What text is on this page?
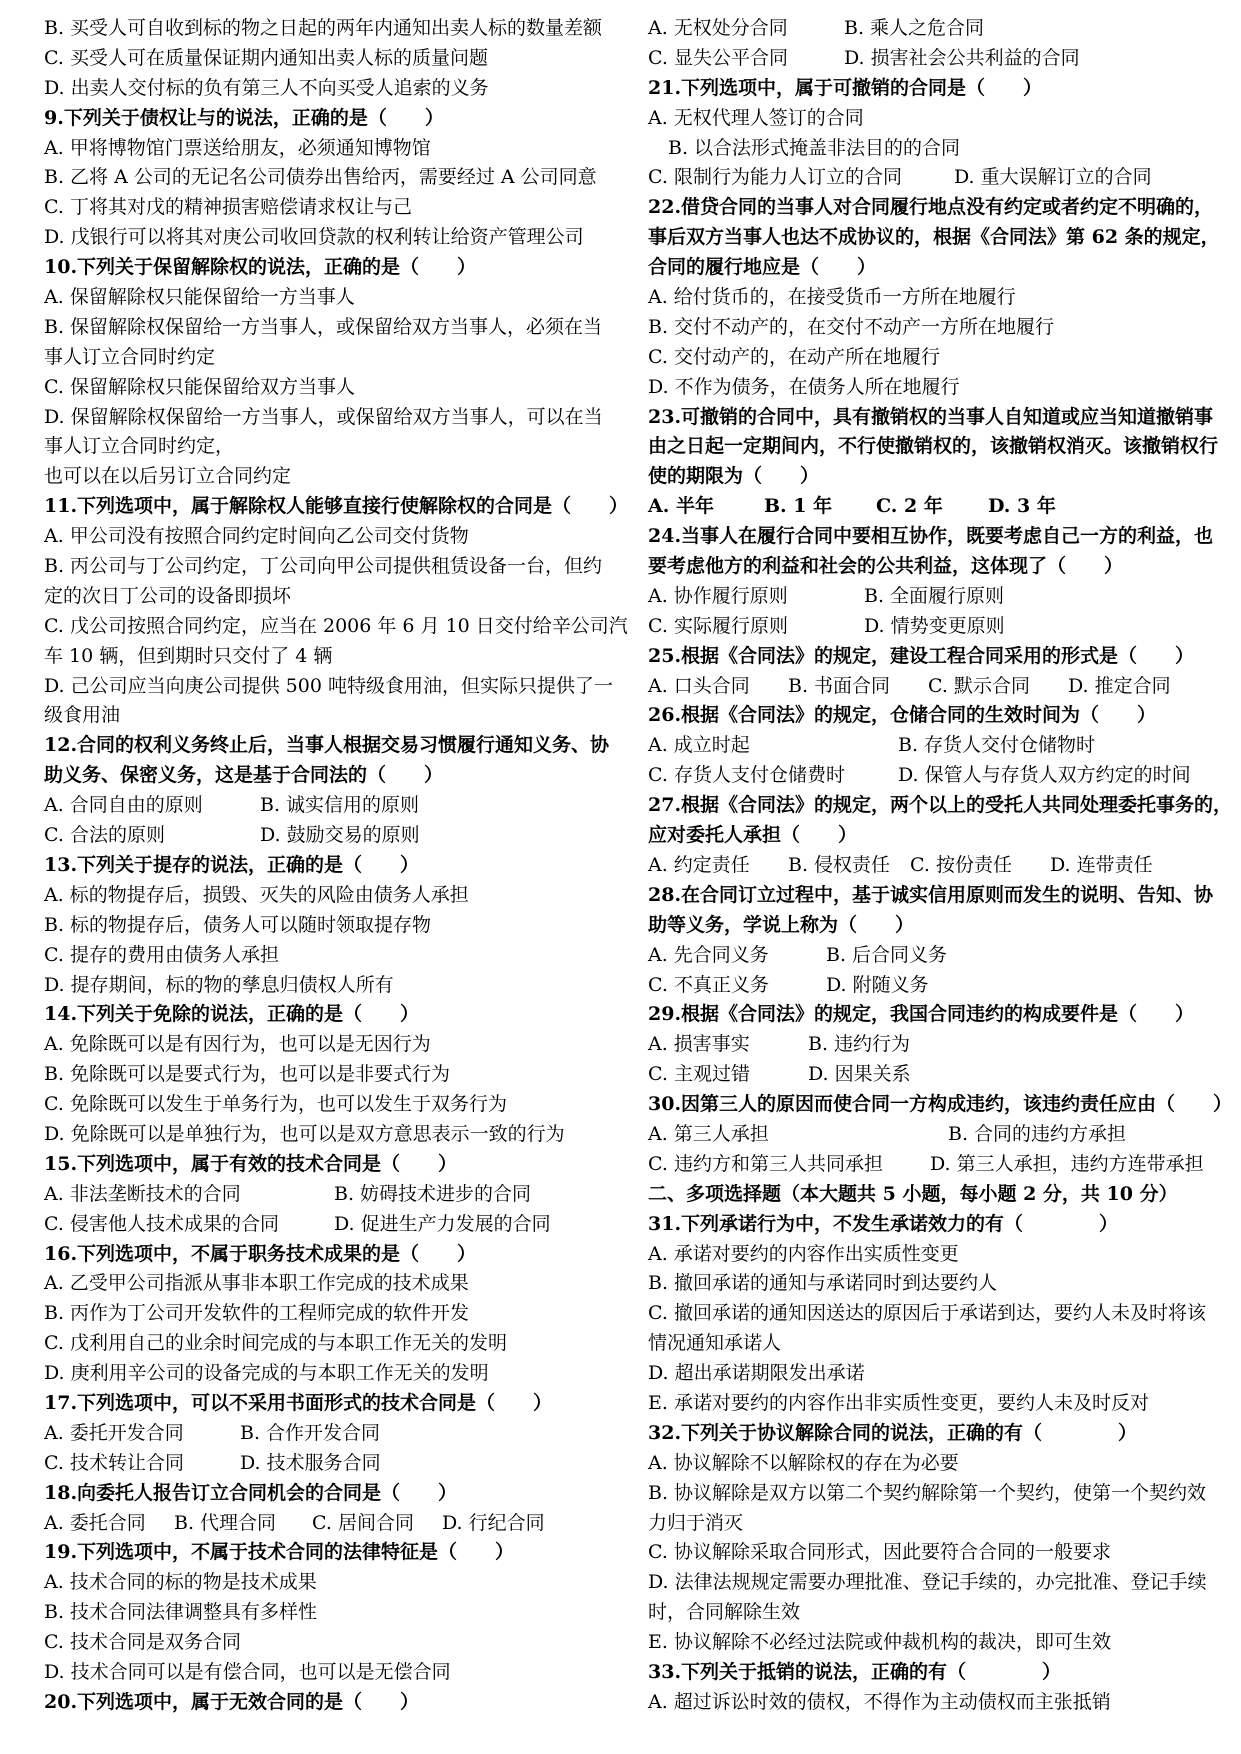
B. 买受人可自收到标的物之日起的两年内通知出卖人标的数量差额
C. 买受人可在质量保证期内通知出卖人标的质量问题
D. 出卖人交付标的负有第三人不向买受人追索的义务
9.下列关于债权让与的说法，正确的是（　　）
A. 甲将博物馆门票送给朋友，必须通知博物馆
B. 乙将 A 公司的无记名公司债券出售给丙，需要经过 A 公司同意
C. 丁将其对戊的精神损害赔偿请求权让与己
D. 戊银行可以将其对庚公司收回贷款的权利转让给资产管理公司
10.下列关于保留解除权的说法，正确的是（　　）
A. 保留解除权只能保留给一方当事人
B. 保留解除权保留给一方当事人，或保留给双方当事人，必须在当
事人订立合同时约定
C. 保留解除权只能保留给双方当事人
D. 保留解除权保留给一方当事人，或保留给双方当事人，可以在当
事人订立合同时约定，
也可以在以后另订立合同约定
11.下列选项中，属于解除权人能够直接行使解除权的合同是（　　）
A. 甲公司没有按照合同约定时间向乙公司交付货物
B. 丙公司与丁公司约定，丁公司向甲公司提供租赁设备一台，但约
定的次日丁公司的设备即损坏
C. 戊公司按照合同约定，应当在 2006 年 6 月 10 日交付给辛公司汽
车 10 辆，但到期时只交付了 4 辆
D. 己公司应当向庚公司提供 500 吨特级食用油，但实际只提供了一
级食用油
12.合同的权利义务终止后，当事人根据交易习惯履行通知义务、协
助义务、保密义务，这是基于合同法的（　　）
A. 合同自由的原则	B. 诚实信用的原则
C. 合法的原则	D. 鼓励交易的原则
13.下列关于提存的说法，正确的是（　　）
A. 标的物提存后，损毁、灭失的风险由债务人承担
B. 标的物提存后，债务人可以随时领取提存物
C. 提存的费用由债务人承担
D. 提存期间，标的物的孳息归债权人所有
14.下列关于免除的说法，正确的是（　　）
A. 免除既可以是有因行为，也可以是无因行为
B. 免除既可以是要式行为，也可以是非要式行为
C. 免除既可以发生于单务行为，也可以发生于双务行为
D. 免除既可以是单独行为，也可以是双方意思表示一致的行为
15.下列选项中，属于有效的技术合同是（　　）
A. 非法垄断技术的合同	B. 妨碍技术进步的合同
C. 侵害他人技术成果的合同	D. 促进生产力发展的合同
16.下列选项中，不属于职务技术成果的是（　　）
A. 乙受甲公司指派从事非本职工作完成的技术成果
B. 丙作为丁公司开发软件的工程师完成的软件开发
C. 戊利用自己的业余时间完成的与本职工作无关的发明
D. 庚利用辛公司的设备完成的与本职工作无关的发明
17.下列选项中，可以不采用书面形式的技术合同是（　　）
A. 委托开发合同	B. 合作开发合同
C. 技术转让合同	D. 技术服务合同
18.向委托人报告订立合同机会的合同是（　　）
A. 委托合同	B. 代理合同	C. 居间合同	D. 行纪合同
19.下列选项中，不属于技术合同的法律特征是（　　）
A. 技术合同的标的物是技术成果
B. 技术合同法律调整具有多样性
C. 技术合同是双务合同
D. 技术合同可以是有偿合同，也可以是无偿合同
20.下列选项中，属于无效合同的是（　　）
A. 无权处分合同	B. 乘人之危合同
C. 显失公平合同	D. 损害社会公共利益的合同
21.下列选项中，属于可撤销的合同是（　　）
A. 无权代理人签订的合同
B. 以合法形式掩盖非法目的的合同
C. 限制行为能力人订立的合同	D. 重大误解订立的合同
22.借贷合同的当事人对合同履行地点没有约定或者约定不明确的，
事后双方当事人也达不成协议的，根据《合同法》第 62 条的规定，
合同的履行地应是（　　）
A. 给付货币的，在接受货币一方所在地履行
B. 交付不动产的，在交付不动产一方所在地履行
C. 交付动产的，在动产所在地履行
D. 不作为债务，在债务人所在地履行
23.可撤销的合同中，具有撤销权的当事人自知道或应当知道撤销事
由之日起一定期间内，不行使撤销权的，该撤销权消灭。该撤销权行
使的期限为（　　）
A. 半年	B. 1 年	C. 2 年	D. 3 年
24.当事人在履行合同中要相互协作，既要考虑自己一方的利益，也
要考虑他方的利益和社会的公共利益，这体现了（　　）
A. 协作履行原则	B. 全面履行原则
C. 实际履行原则	D. 情势变更原则
25.根据《合同法》的规定，建设工程合同采用的形式是（　　）
A. 口头合同	B. 书面合同	C. 默示合同	D. 推定合同
26.根据《合同法》的规定，仓储合同的生效时间为（　　）
A. 成立时起	B. 存货人交付仓储物时
C. 存货人支付仓储费时	D. 保管人与存货人双方约定的时间
27.根据《合同法》的规定，两个以上的受托人共同处理委托事务的，
应对委托人承担（　　）
A. 约定责任	B. 侵权责任	C. 按份责任	D. 连带责任
28.在合同订立过程中，基于诚实信用原则而发生的说明、告知、协
助等义务，学说上称为（　　）
A. 先合同义务	B. 后合同义务
C. 不真正义务	D. 附随义务
29.根据《合同法》的规定，我国合同违约的构成要件是（　　）
A. 损害事实	B. 违约行为
C. 主观过错	D. 因果关系
30.因第三人的原因而使合同一方构成违约，该违约责任应由（　　）
A. 第三人承担	B. 合同的违约方承担
C. 违约方和第三人共同承担	D. 第三人承担，违约方连带承担
二、多项选择题（本大题共 5 小题，每小题 2 分，共 10 分）
31.下列承诺行为中，不发生承诺效力的有（　　　　）
A. 承诺对要约的内容作出实质性变更
B. 撤回承诺的通知与承诺同时到达要约人
C. 撤回承诺的通知因送达的原因后于承诺到达，要约人未及时将该
情况通知承诺人
D. 超出承诺期限发出承诺
E. 承诺对要约的内容作出非实质性变更，要约人未及时反对
32.下列关于协议解除合同的说法，正确的有（　　　　）
A. 协议解除不以解除权的存在为必要
B. 协议解除是双方以第二个契约解除第一个契约，使第一个契约效
力归于消灭
C. 协议解除采取合同形式，因此要符合合同的一般要求
D. 法律法规规定需要办理批准、登记手续的，办完批准、登记手续
时，合同解除生效
E. 协议解除不必经过法院或仲裁机构的裁决，即可生效
33.下列关于抵销的说法，正确的有（　　　　）
A. 超过诉讼时效的债权，不得作为主动债权而主张抵销
